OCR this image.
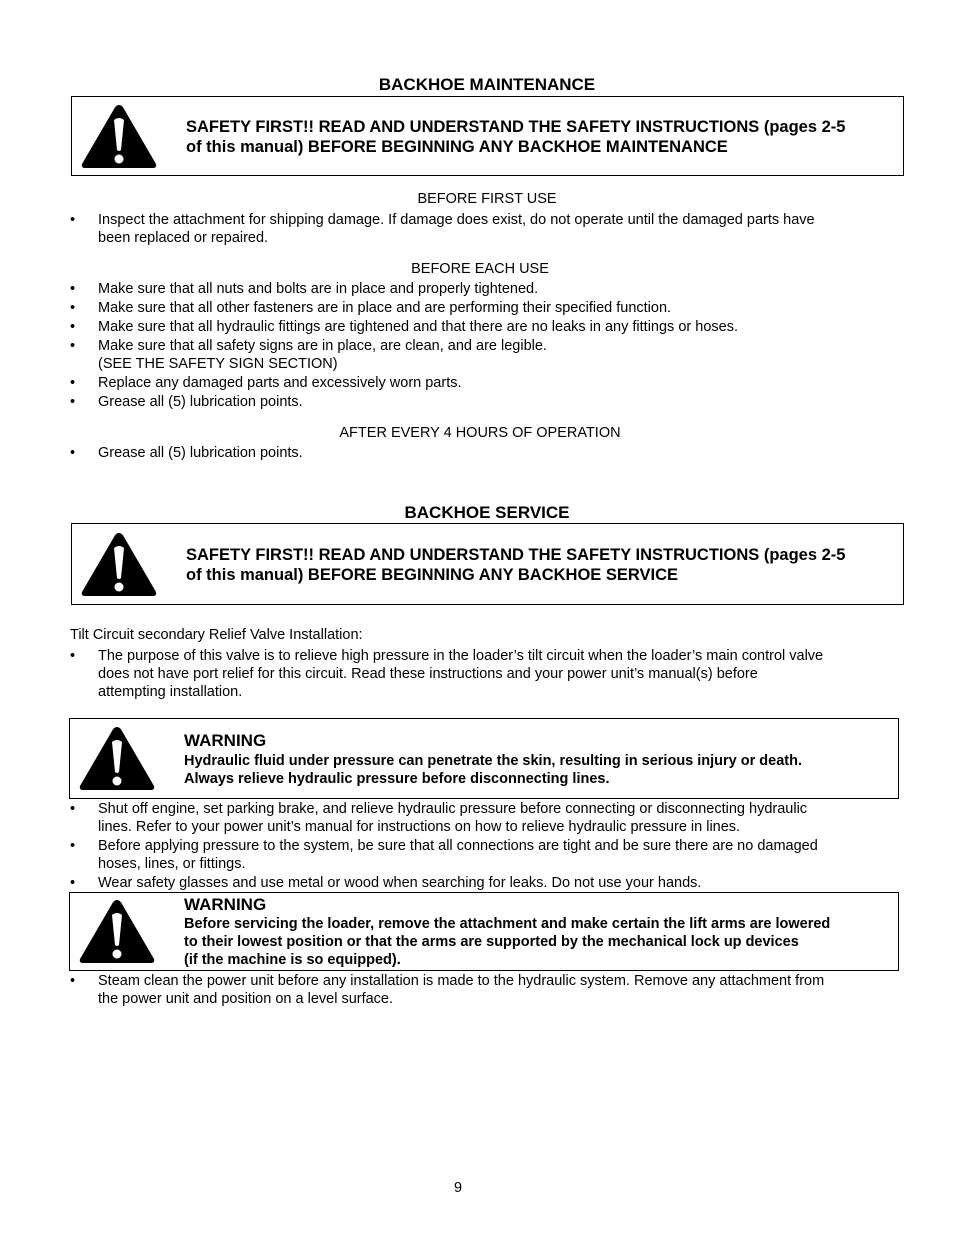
BACKHOE MAINTENANCE
SAFETY FIRST!! READ AND UNDERSTAND THE SAFETY INSTRUCTIONS (pages 2-5
of this manual) BEFORE BEGINNING ANY BACKHOE MAINTENANCE
BEFORE FIRST USE
• Inspect the attachment for shipping damage. If damage does exist, do not operate until the damaged parts have
been replaced or repaired.
BEFORE EACH USE
• Make sure that all nuts and bolts are in place and properly tightened.
• Make sure that all other fasteners are in place and are performing their specified function.
• Make sure that all hydraulic fittings are tightened and that there are no leaks in any fittings or hoses.
• Make sure that all safety signs are in place, are clean, and are legible.
(SEE THE SAFETY SIGN SECTION)
• Replace any damaged parts and excessively worn parts.
• Grease all (5) lubrication points.
AFTER EVERY 4 HOURS OF OPERATION
• Grease all (5) lubrication points.
BACKHOE SERVICE
SAFETY FIRST!! READ AND UNDERSTAND THE SAFETY INSTRUCTIONS (pages 2-5
of this manual) BEFORE BEGINNING ANY BACKHOE SERVICE
Tilt Circuit secondary Relief Valve Installation:
• The purpose of this valve is to relieve high pressure in the loader’s tilt circuit when the loader’s main control valve
does not have port relief for this circuit. Read these instructions and your power unit’s manual(s) before
attempting installation.
WARNING
Hydraulic fluid under pressure can penetrate the skin, resulting in serious injury or death.
Always relieve hydraulic pressure before disconnecting lines.
• Shut off engine, set parking brake, and relieve hydraulic pressure before connecting or disconnecting hydraulic
lines. Refer to your power unit’s manual for instructions on how to relieve hydraulic pressure in lines.
• Before applying pressure to the system, be sure that all connections are tight and be sure there are no damaged
hoses, lines, or fittings.
• Wear safety glasses and use metal or wood when searching for leaks. Do not use your hands.
WARNING
Before servicing the loader, remove the attachment and make certain the lift arms are lowered
to their lowest position or that the arms are supported by the mechanical lock up devices
(if the machine is so equipped).
• Steam clean the power unit before any installation is made to the hydraulic system. Remove any attachment from
the power unit and position on a level surface.
9
